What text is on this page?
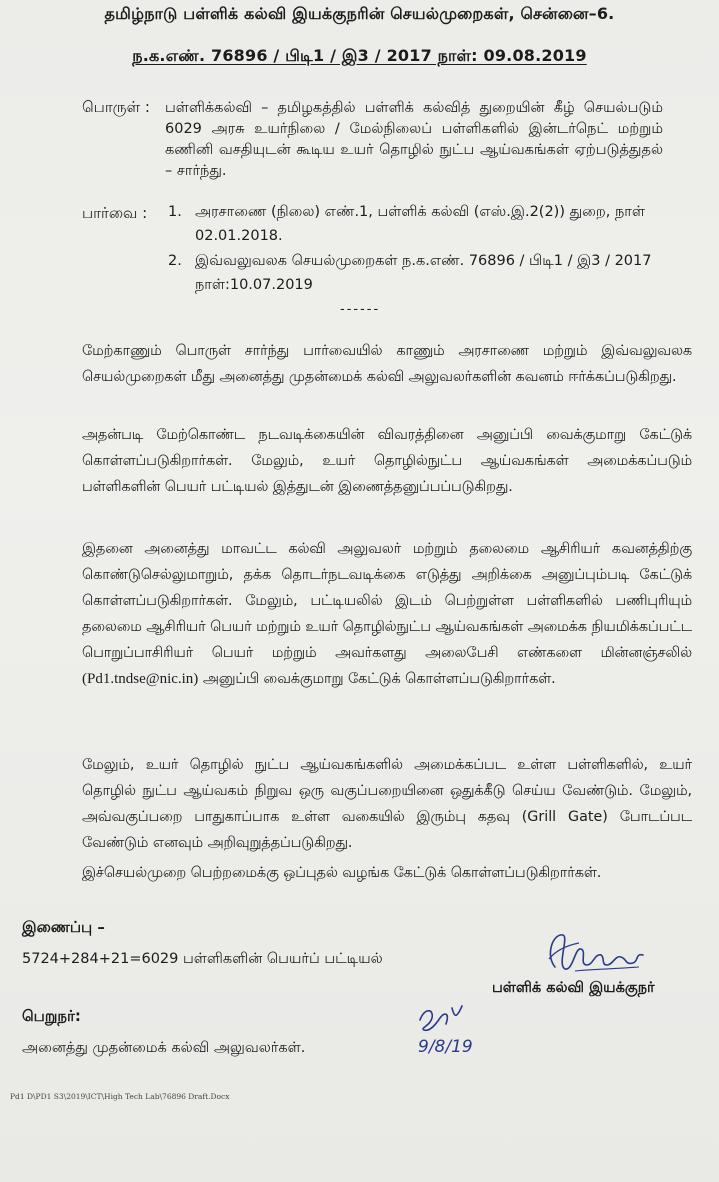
தமிழ்நாடு பள்ளிக் கல்வி இயக்குநரின் செயல்முறைகள், சென்னை–6.
ந.க.எண். 76896 / பிடி1 / இ3 / 2017 நாள்: 09.08.2019
பொருள் : பள்ளிக்கல்வி – தமிழகத்தில் பள்ளிக் கல்வித் துறையின் கீழ் செயல்படும் 6029 அரசு உயர்நிலை / மேல்நிலைப் பள்ளிகளில் இன்டர்நெட் மற்றும் கணினி வசதியுடன் கூடிய உயர் தொழில் நுட்ப ஆய்வகங்கள் ஏற்படுத்துதல் – சார்ந்து.
பார்வை : 1. அரசாணை (நிலை) எண்.1, பள்ளிக் கல்வி (எஸ்.இ.2(2)) துறை, நாள் 02.01.2018.
2. இவ்வலுவலக செயல்முறைகள் ந.க.எண். 76896 / பிடி1 / இ3 / 2017 நாள்:10.07.2019
------
மேற்காணும் பொருள் சார்ந்து பார்வையில் காணும் அரசாணை மற்றும் இவ்வலுவலக செயல்முறைகள் மீது அனைத்து முதன்மைக் கல்வி அலுவலர்களின் கவனம் ஈர்க்கப்படுகிறது.
அதன்படி மேற்கொண்ட நடவடிக்கையின் விவரத்தினை அனுப்பி வைக்குமாறு கேட்டுக் கொள்ளப்படுகிறார்கள். மேலும், உயர் தொழில்நுட்ப ஆய்வகங்கள் அமைக்கப்படும் பள்ளிகளின் பெயர் பட்டியல் இத்துடன் இணைத்தனுப்பப்படுகிறது.
இதனை அனைத்து மாவட்ட கல்வி அலுவலர் மற்றும் தலைமை ஆசிரியர் கவனத்திற்கு கொண்டுசெல்லுமாறும், தக்க தொடர்நடவடிக்கை எடுத்து அறிக்கை அனுப்பும்படி கேட்டுக் கொள்ளப்படுகிறார்கள். மேலும், பட்டியலில் இடம் பெற்றுள்ள பள்ளிகளில் பணிபுரியும் தலைமை ஆசிரியர் பெயர் மற்றும் உயர் தொழில்நுட்ப ஆய்வகங்கள் அமைக்க நியமிக்கப்பட்ட பொறுப்பாசிரியர் பெயர் மற்றும் அவர்களது அலைபேசி எண்களை மின்னஞ்சலில் (Pd1.tndse@nic.in) அனுப்பி வைக்குமாறு கேட்டுக் கொள்ளப்படுகிறார்கள்.
மேலும், உயர் தொழில் நுட்ப ஆய்வகங்களில் அமைக்கப்பட உள்ள பள்ளிகளில், உயர் தொழில் நுட்ப ஆய்வகம் நிறுவ ஒரு வகுப்பறையினை ஒதுக்கீடு செய்ய வேண்டும். மேலும், அவ்வகுப்பறை பாதுகாப்பாக உள்ள வகையில் இரும்பு கதவு (Grill Gate) போடப்பட வேண்டும் எனவும் அறிவுறுத்தப்படுகிறது.
இச்செயல்முறை பெற்றமைக்கு ஒப்புதல் வழங்க கேட்டுக் கொள்ளப்படுகிறார்கள்.
இணைப்பு –
5724+284+21=6029 பள்ளிகளின் பெயர்ப் பட்டியல்
பள்ளிக் கல்வி இயக்குநர்
9/8/19
பெறுநர்:
அனைத்து முதன்மைக் கல்வி அலுவலர்கள்.
Pd1 D\PD1 S3\2019\ICT\High Tech Lab\76896 Draft.Docx
